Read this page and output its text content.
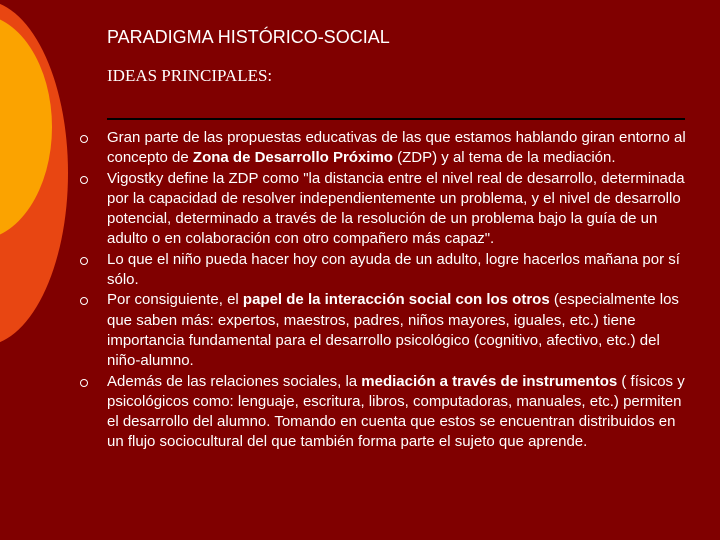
PARADIGMA HISTÓRICO-SOCIAL
IDEAS PRINCIPALES:
Gran parte de las propuestas educativas de las que estamos hablando giran entorno al concepto de Zona de Desarrollo Próximo (ZDP) y al tema de la mediación.
Vigostky define la ZDP como "la distancia entre el nivel real de desarrollo, determinada por la capacidad de resolver independientemente un problema, y el nivel de desarrollo potencial, determinado a través de la resolución de un problema bajo la guía de un adulto o en colaboración con otro compañero más capaz".
Lo que el niño pueda hacer hoy con ayuda de un adulto, logre hacerlos mañana por sí sólo.
Por consiguiente, el papel de la interacción social con los otros (especialmente los que saben más: expertos, maestros, padres, niños mayores, iguales, etc.) tiene importancia fundamental para el desarrollo psicológico (cognitivo, afectivo, etc.) del niño-alumno.
Además de las relaciones sociales, la mediación a través de instrumentos ( físicos y psicológicos como: lenguaje, escritura, libros, computadoras, manuales, etc.) permiten el desarrollo del alumno. Tomando en cuenta que estos se encuentran distribuidos en un flujo sociocultural del que también forma parte el sujeto que aprende.
